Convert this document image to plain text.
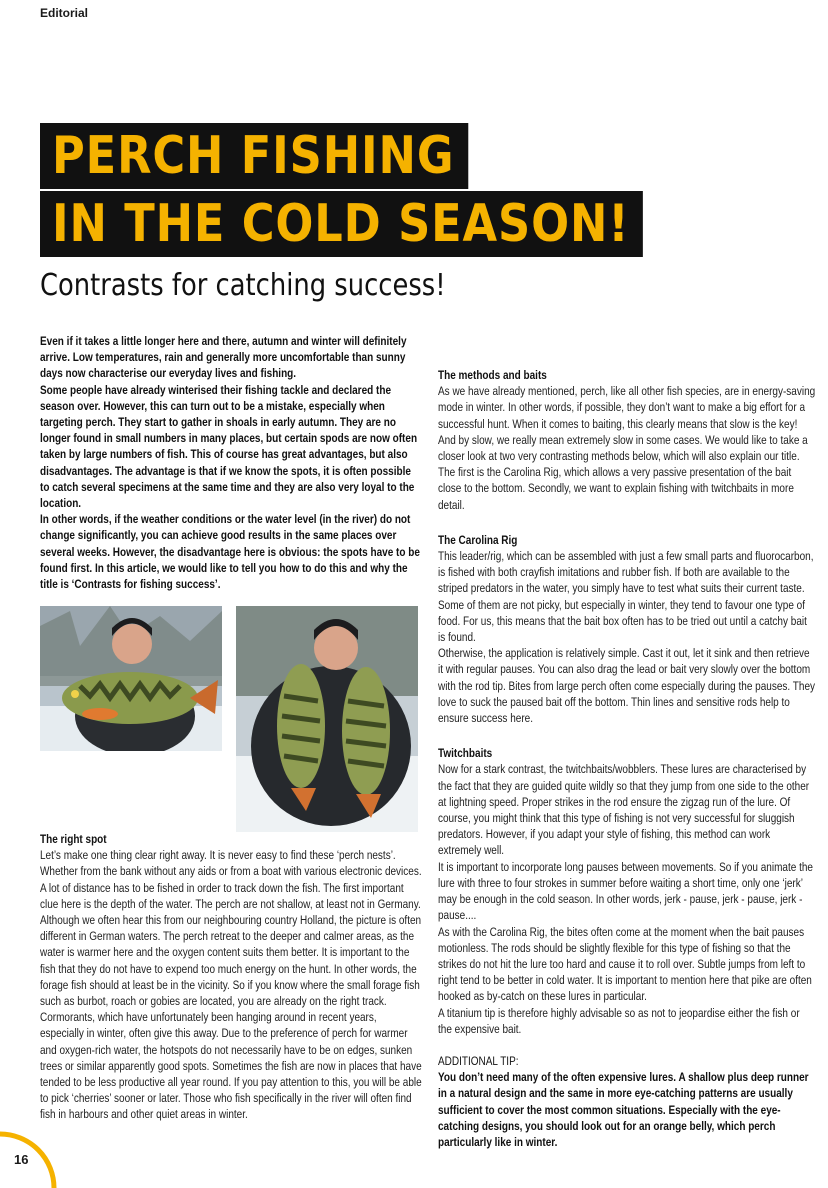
Editorial
PERCH FISHING
IN THE COLD SEASON!
Contrasts for catching success!

Even if it takes a little longer here and there, autumn and winter will definitely arrive. Low temperatures, rain and generally more uncomfortable than sunny days now characterise our everyday lives and fishing.

Some people have already winterised their fishing tackle and declared the season over. However, this can turn out to be a mistake, especially when targeting perch. They start to gather in shoals in early autumn. They are no longer found in small numbers in many places, but certain spods are now often taken by large numbers of fish. This of course has great advantages, but also disadvantages. The advantage is that if we know the spots, it is often possible to catch several specimens at the same time and they are also very loyal to the location.

In other words, if the weather conditions or the water level (in the river) do not change significantly, you can achieve good results in the same places over several weeks. However, the disadvantage here is obvious: the spots have to be found first. In this article, we would like to tell you how to do this and why the title is ‘Contrasts for fishing success’.

The right spot

Let’s make one thing clear right away. It is never easy to find these ‘perch nests’. Whether from the bank without any aids or from a boat with various electronic devices. A lot of distance has to be fished in order to track down the fish. The first important clue here is the depth of the water. The perch are not shallow, at least not in Germany. Although we often hear this from our neighbouring country Holland, the picture is often different in German waters. The perch retreat to the deeper and calmer areas, as the water is warmer here and the oxygen content suits them better. It is important to the fish that they do not have to expend too much energy on the hunt. In other words, the forage fish should at least be in the vicinity. So if you know where the small forage fish such as burbot, roach or gobies are located, you are already on the right track. Cormorants, which have unfortunately been hanging around in recent years, especially in winter, often give this away. Due to the preference of perch for warmer and oxygen-rich water, the hotspots do not necessarily have to be on edges, sunken trees or similar apparently good spots. Sometimes the fish are now in places that have tended to be less productive all year round. If you pay attention to this, you will be able to pick ‘cherries’ sooner or later. Those who fish specifically in the river will often find fish in harbours and other quiet areas in winter.

The methods and baits

As we have already mentioned, perch, like all other fish species, are in energy-saving mode in winter. In other words, if possible, they don’t want to make a big effort for a successful hunt. When it comes to baiting, this clearly means that slow is the key! And by slow, we really mean extremely slow in some cases. We would like to take a closer look at two very contrasting methods below, which will also explain our title. The first is the Carolina Rig, which allows a very passive presentation of the bait close to the bottom. Secondly, we want to explain fishing with twitchbaits in more detail.

The Carolina Rig

This leader/rig, which can be assembled with just a few small parts and fluorocarbon, is fished with both crayfish imitations and rubber fish. If both are available to the striped predators in the water, you simply have to test what suits their current taste. Some of them are not picky, but especially in winter, they tend to favour one type of food. For us, this means that the bait box often has to be tried out until a catchy bait is found.

Otherwise, the application is relatively simple. Cast it out, let it sink and then retrieve it with regular pauses. You can also drag the lead or bait very slowly over the bottom with the rod tip. Bites from large perch often come especially during the pauses. They love to suck the paused bait off the bottom. Thin lines and sensitive rods help to ensure success here.

Twitchbaits

Now for a stark contrast, the twitchbaits/wobblers. These lures are characterised by the fact that they are guided quite wildly so that they jump from one side to the other at lightning speed. Proper strikes in the rod ensure the zigzag run of the lure. Of course, you might think that this type of fishing is not very successful for sluggish predators. However, if you adapt your style of fishing, this method can work extremely well.

It is important to incorporate long pauses between movements. So if you animate the lure with three to four strokes in summer before waiting a short time, only one ‘jerk’ may be enough in the cold season. In other words, jerk - pause, jerk - pause, jerk - pause....

As with the Carolina Rig, the bites often come at the moment when the bait pauses motionless. The rods should be slightly flexible for this type of fishing so that the strikes do not hit the lure too hard and cause it to roll over. Subtle jumps from left to right tend to be better in cold water. It is important to mention here that pike are often hooked as by-catch on these lures in particular.

A titanium tip is therefore highly advisable so as not to jeopardise either the fish or the expensive bait.

ADDITIONAL TIP:

You don’t need many of the often expensive lures. A shallow plus deep runner in a natural design and the same in more eye-catching patterns are usually sufficient to cover the most common situations. Especially with the eye-catching designs, you should look out for an orange belly, which perch particularly like in winter.

16
